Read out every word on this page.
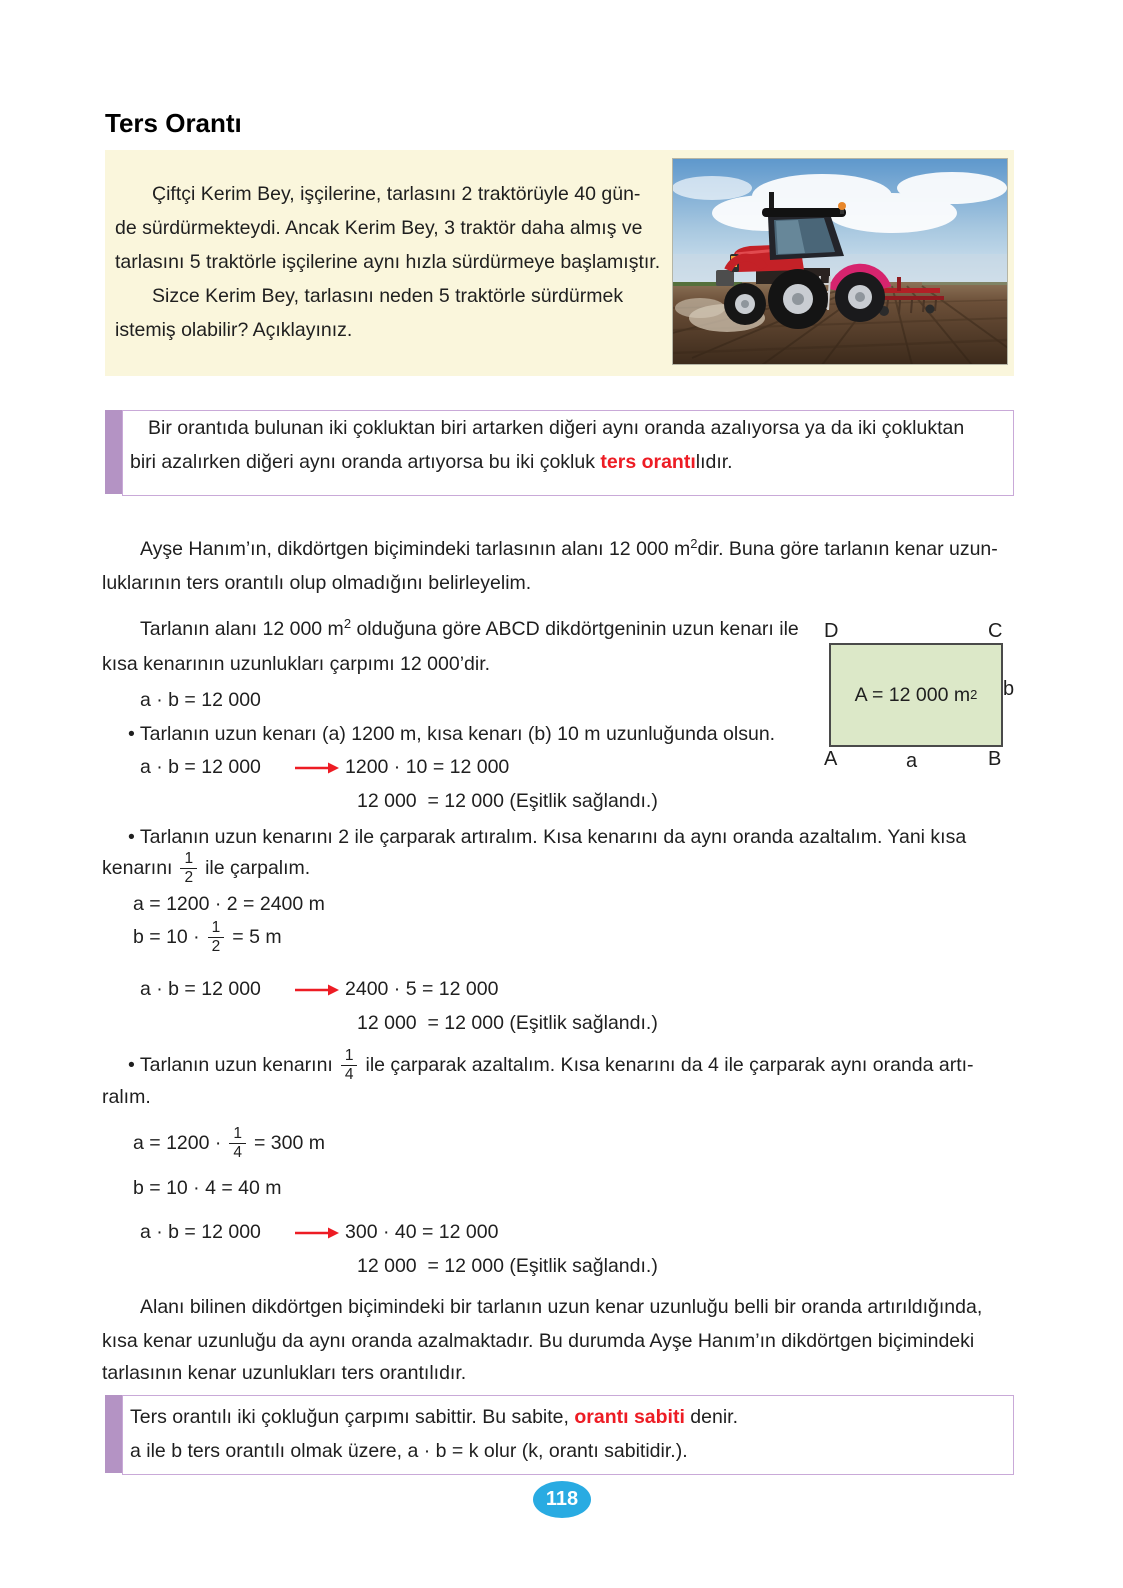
Ters Orantı
Çiftçi Kerim Bey, işçilerine, tarlasını 2 traktörüyle 40 gün-
de sürdürmekteydi. Ancak Kerim Bey, 3 traktör daha almış ve
tarlasını 5 traktörle işçilerine aynı hızla sürdürmeye başlamıştır.
Sizce Kerim Bey, tarlasını neden 5 traktörle sürdürmek
istemiş olabilir? Açıklayınız.
Bir orantıda bulunan iki çokluktan biri artarken diğeri aynı oranda azalıyorsa ya da iki çokluktan
biri azalırken diğeri aynı oranda artıyorsa bu iki çokluk ters orantılıdır.
Ayşe Hanım’ın, dikdörtgen biçimindeki tarlasının alanı 12 000 $m^2dir$. Buna göre tarlanın kenar uzun-
luklarının ters orantılı olup olmadığını belirleyelim.
Tarlanın alanı 12 000 $m^2$ olduğuna göre ABCD dikdörtgeninin uzun kenarı ile
kısa kenarının uzunlukları çarpımı 12 000’dir.
D	C
A = 12 000 m 2 b
A	a	B
a · b = 12 000
• Tarlanın uzun kenarı (a) 1200 m, kısa kenarı (b) 10 m uzunluğunda olsun.
a · b = 12 000	1200 · 10 = 12 000
12 000  = 12 000 (Eşitlik sağlandı.)
• Tarlanın uzun kenarını 2 ile çarparak artıralım. Kısa kenarını da aynı oranda azaltalım. Yani kısa
kenarını $\frac{1}{2}$ ile çarpalım.
a = 1200 · 2 = 2400 m
$b = 10 \cdot \frac{1}{2} = 5$ m
a · b = 12 000	2400 · 5 = 12 000
12 000  = 12 000 (Eşitlik sağlandı.)
• Tarlanın uzun kenarını $\frac{1}{4}$ ile çarparak azaltalım. Kısa kenarını da 4 ile çarparak aynı oranda artı-
ralım.
$a = 1200 \cdot \frac{1}{4} = 300$ m
b = 10 · 4 = 40 m
a · b = 12 000	300 · 40 = 12 000
12 000  = 12 000 (Eşitlik sağlandı.)
Alanı bilinen dikdörtgen biçimindeki bir tarlanın uzun kenar uzunluğu belli bir oranda artırıldığında,
kısa kenar uzunluğu da aynı oranda azalmaktadır. Bu durumda Ayşe Hanım’ın dikdörtgen biçimindeki
tarlasının kenar uzunlukları ters orantılıdır.
Ters orantılı iki çokluğun çarpımı sabittir. Bu sabite, orantı sabiti denir.
a ile b ters orantılı olmak üzere, a · b = k olur (k, orantı sabitidir.).
118
